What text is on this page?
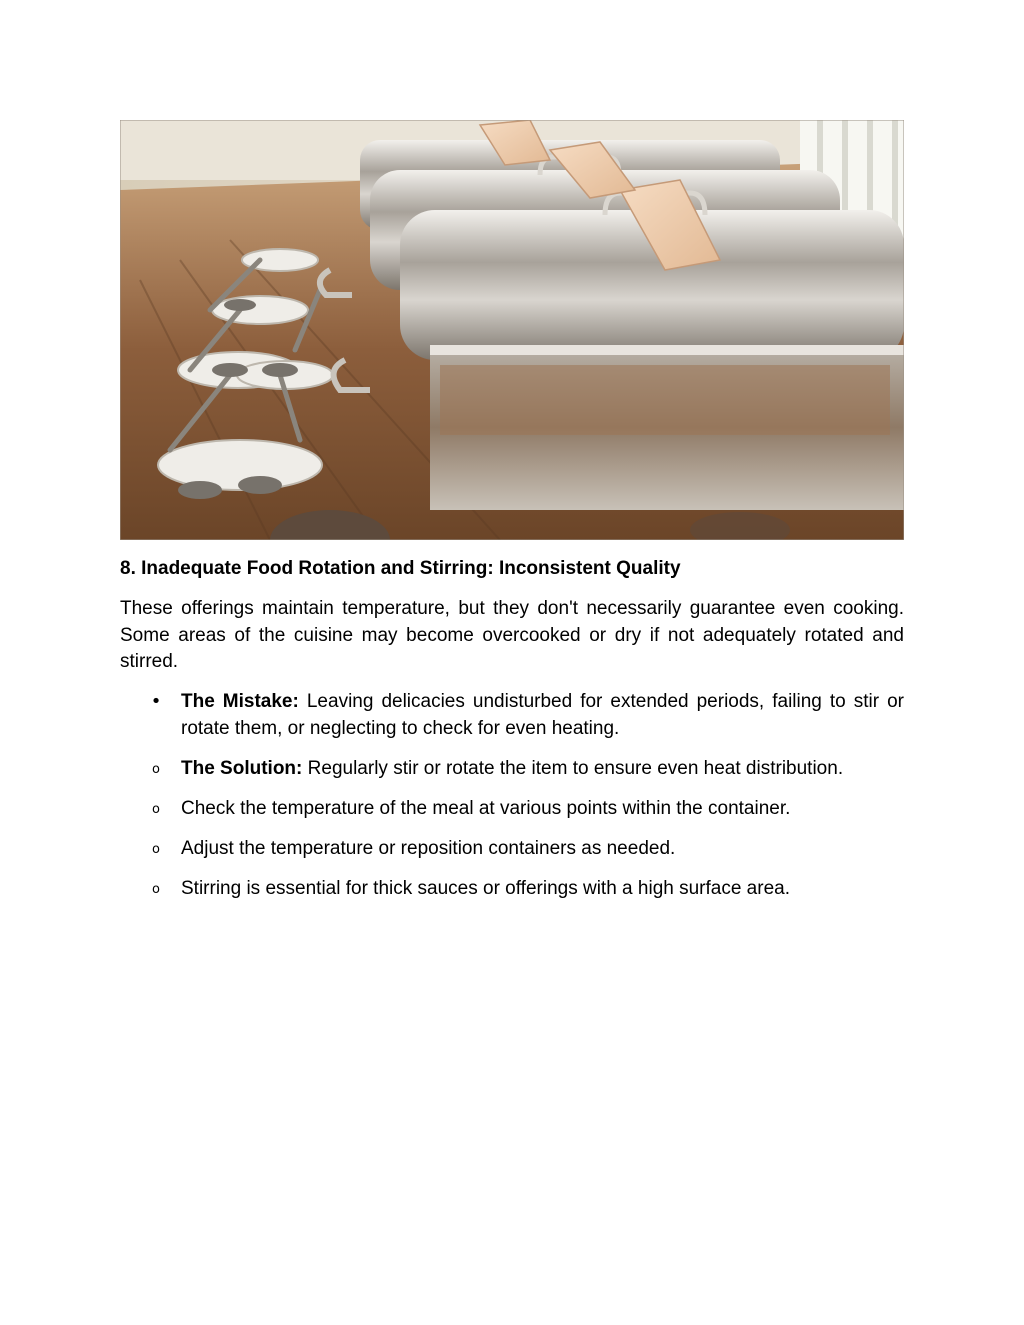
8. Inadequate Food Rotation and Stirring: Inconsistent Quality

These offerings maintain temperature, but they don't necessarily guarantee even cooking. Some areas of the cuisine may become overcooked or dry if not adequately rotated and stirred.

• The Mistake: Leaving delicacies undisturbed for extended periods, failing to stir or rotate them, or neglecting to check for even heating.
o The Solution: Regularly stir or rotate the item to ensure even heat distribution.
o Check the temperature of the meal at various points within the container.
o Adjust the temperature or reposition containers as needed.
o Stirring is essential for thick sauces or offerings with a high surface area.
